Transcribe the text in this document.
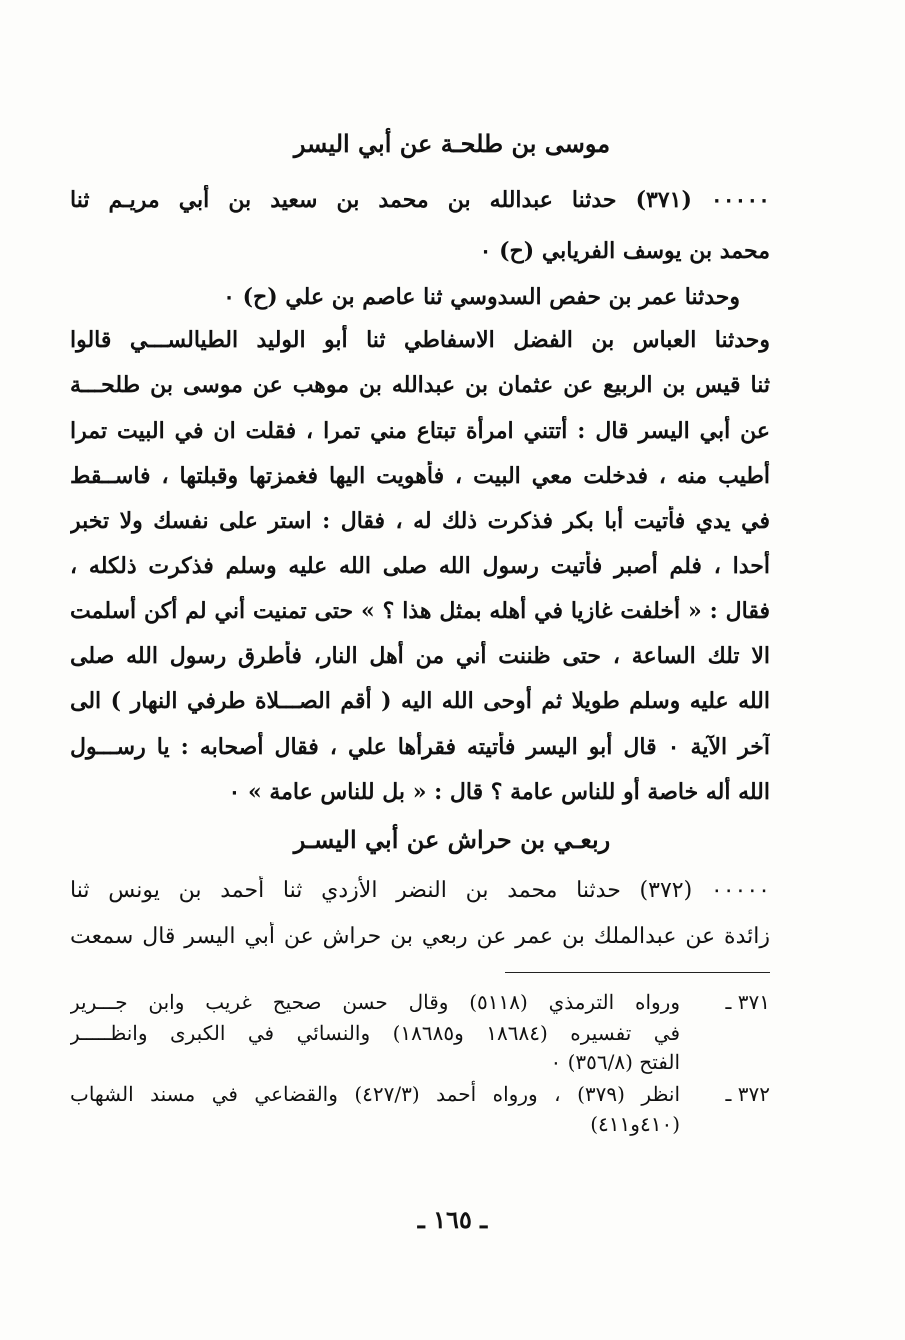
موسى بن طلحـة عن أبي اليسر
٠٠٠٠٠ (٣٧١) حدثنا عبدالله بن محمد بن سعيد بن أبي مريـم ثنا
محمد بن يوسف الفريابي (ح) ٠
وحدثنا عمر بن حفص السدوسي ثنا عاصم بن علي (ح) ٠
وحدثنا العباس بن الفضل الاسفاطي ثنا أبو الوليد الطيالســـي قالوا
ثنا قيس بن الربيع عن عثمان بن عبدالله بن موهب عن موسى بن طلحـــة
عن أبي اليسر قال : أتتني امرأة تبتاع مني تمرا ، فقلت ان في البيت تمرا
أطيب منه ، فدخلت معي البيت ، فأهويت اليها فغمزتها وقبلتها ، فاســقط
في يدي فأتيت أبا بكر فذكرت ذلك له ، فقال : استر على نفسك ولا تخبر
أحدا ، فلم أصبر فأتيت رسول الله صلى الله عليه وسلم فذكرت ذلكله ،
فقال : « أخلفت غازيا في أهله بمثل هذا ؟ » حتى تمنيت أني لم أكن أسلمت
الا تلك الساعة ، حتى ظننت أني من أهل النار، فأطرق رسول الله صلى
الله عليه وسلم طويلا ثم أوحى الله اليه ( أقم الصـــلاة طرفي النهار ) الى
آخر الآية ٠ قال أبو اليسر فأتيته فقرأها علي ، فقال أصحابه : يا رســـول
الله أله خاصة أو للناس عامة ؟ قال : « بل للناس عامة » ٠
ربعـي بن حراش عن أبي اليسـر
٠٠٠٠٠ (٣٧٢) حدثنا محمد بن النضر الأزدي ثنا أحمد بن يونس ثنا
زائدة عن عبدالملك بن عمر عن ربعي بن حراش عن أبي اليسر قال سمعت
٣٧١ ـ
ورواه الترمذي (٥١١٨) وقال حسن صحيح غريب وابن جـــرير
في تفسيره (١٨٦٨٤ و١٨٦٨٥) والنسائي في الكبرى وانظـــــر
الفتح (٣٥٦/٨) ٠
٣٧٢ ـ
انظر (٣٧٩) ، ورواه أحمد (٤٢٧/٣) والقضاعي في مسند الشهاب
(٤١٠و٤١١)
ـ ١٦٥ ـ
